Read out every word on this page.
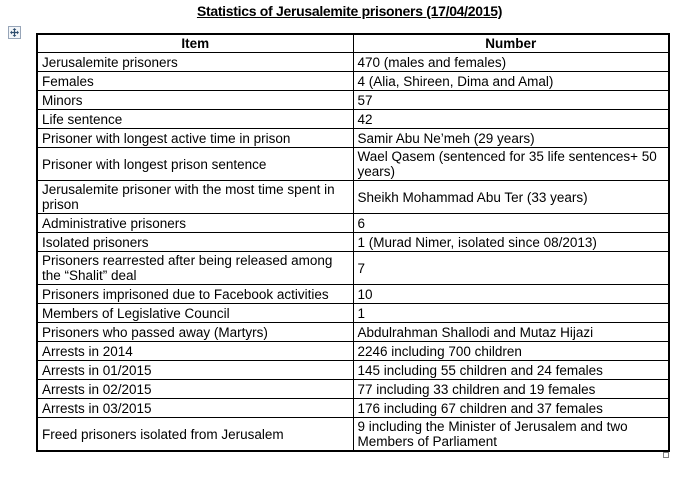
Statistics of Jerusalemite prisoners (17/04/2015)
Item	Number
Jerusalemite prisoners	470 (males and females)
Females	4 (Alia, Shireen, Dima and Amal)
Minors	57
Life sentence	42
Prisoner with longest active time in prison	Samir Abu Ne’meh (29 years)
Prisoner with longest prison sentence	Wael Qasem (sentenced for 35 life sentences+ 50 years)
Jerusalemite prisoner with the most time spent in prison	Sheikh Mohammad Abu Ter (33 years)
Administrative prisoners	6
Isolated prisoners	1 (Murad Nimer, isolated since 08/2013)
Prisoners rearrested after being released among the “Shalit” deal	7
Prisoners imprisoned due to Facebook activities	10
Members of Legislative Council	1
Prisoners who passed away (Martyrs)	Abdulrahman Shallodi and Mutaz Hijazi
Arrests in 2014	2246 including 700 children
Arrests in 01/2015	145 including 55 children and 24 females
Arrests in 02/2015	77 including 33 children and 19 females
Arrests in 03/2015	176 including 67 children and 37 females
Freed prisoners isolated from Jerusalem	9 including the Minister of Jerusalem and two Members of Parliament
